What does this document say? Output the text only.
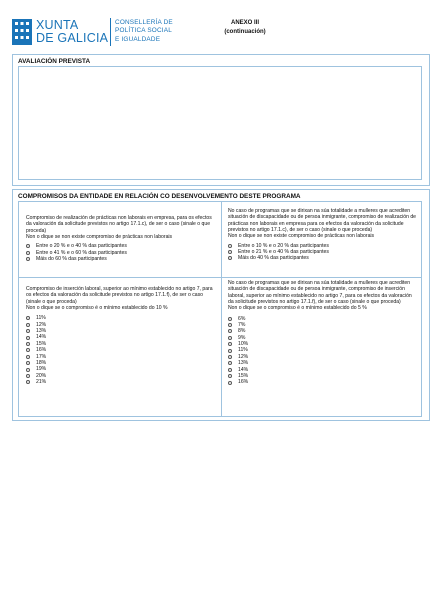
XUNTA
DE GALICIA
CONSELLERÍA DE
POLÍTICA SOCIAL
E IGUALDADE
ANEXO III
(continuación)
AVALIACIÓN PREVISTA
COMPROMISOS DA ENTIDADE EN RELACIÓN CO DESENVOLVEMENTO DESTE PROGRAMA

Compromiso de realización de prácticas non laborais en empresa, para os efectos da valoración da solicitude previstos no artigo 17.1.c), de ser o caso (sinale o que proceda)

Non o dique se non existe compromiso de prácticas non laborais

Entre o 20 % e o 40 % das participantes
Entre o 41 % e o 60 % das participantes
Máis do 60 % das participantes

No caso de programas que se dirixan na súa totalidade a mulleres que acrediten situación de discapacidade ou de persoa inmigrante, compromiso de realización de prácticas non laborais en empresa para os efectos da valoración da solicitude previstos no artigo 17.1.c), de ser o caso (sinale o que proceda)

Non o dique se non existe compromiso de prácticas non laborais

Entre o 10 % e o 20 % das participantes
Entre o 21 % e o 40 % das participantes
Máis do 40 % das participantes

Compromiso de inserción laboral, superior ao mínimo establecido no artigo 7, para os efectos da valoración da solicitude previstos no artigo 17.1.f), de ser o caso (sinale o que proceda)

Non o dique se o compromiso é o mínimo establecido do 10 %

11%
12%
13%
14%
15%
16%
17%
18%
19%
20%
21%

No caso de programas que se dirixan na súa totalidade a mulleres que acrediten situación de discapacidade ou de persoa inmigrante, compromiso de inserción laboral, superior ao mínimo establecido no artigo 7, para os efectos da valoración da solicitude previstos no artigo 17.1.f), de ser o caso (sinale o que proceda)

Non o dique se o compromiso é o mínimo establecido do 5 %

6%
7%
8%
9%
10%
11%
12%
13%
14%
15%
16%
